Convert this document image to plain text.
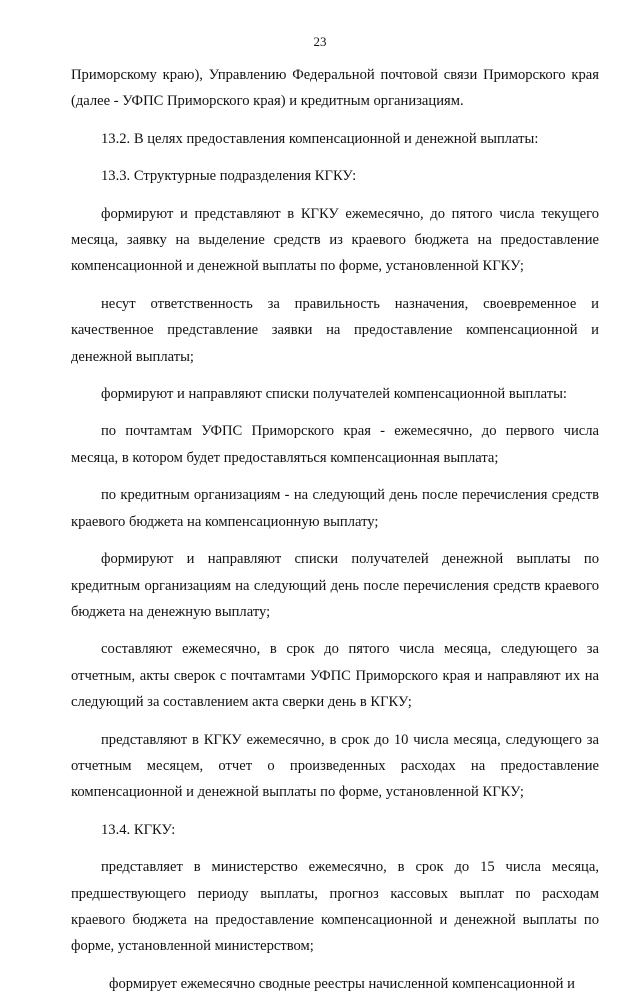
23

Приморскому краю), Управлению Федеральной почтовой связи Приморского края (далее - УФПС Приморского края) и кредитным организациям.

13.2. В целях предоставления компенсационной и денежной выплаты:

13.3. Структурные подразделения КГКУ:

формируют и представляют в КГКУ ежемесячно, до пятого числа текущего месяца, заявку на выделение средств из краевого бюджета на предоставление компенсационной и денежной выплаты по форме, установленной КГКУ;

несут ответственность за правильность назначения, своевременное и качественное представление заявки на предоставление компенсационной и денежной выплаты;

формируют и направляют списки получателей компенсационной выплаты:

по почтамтам УФПС Приморского края - ежемесячно, до первого числа месяца, в котором будет предоставляться компенсационная выплата;

по кредитным организациям - на следующий день после перечисления средств краевого бюджета на компенсационную выплату;

формируют и направляют списки получателей денежной выплаты по кредитным организациям на следующий день после перечисления средств краевого бюджета на денежную выплату;

составляют ежемесячно, в срок до пятого числа месяца, следующего за отчетным, акты сверок с почтамтами УФПС Приморского края и направляют их на следующий за составлением акта сверки день в КГКУ;

представляют в КГКУ ежемесячно, в срок до 10 числа месяца, следующего за отчетным месяцем, отчет о произведенных расходах на предоставление компенсационной и денежной выплаты по форме, установленной КГКУ;

13.4. КГКУ:

представляет в министерство ежемесячно, в срок до 15 числа месяца, предшествующего периоду выплаты, прогноз кассовых выплат по расходам краевого бюджета на предоставление компенсационной и денежной выплаты по форме, установленной министерством;

формирует ежемесячно сводные реестры начисленной компенсационной и
